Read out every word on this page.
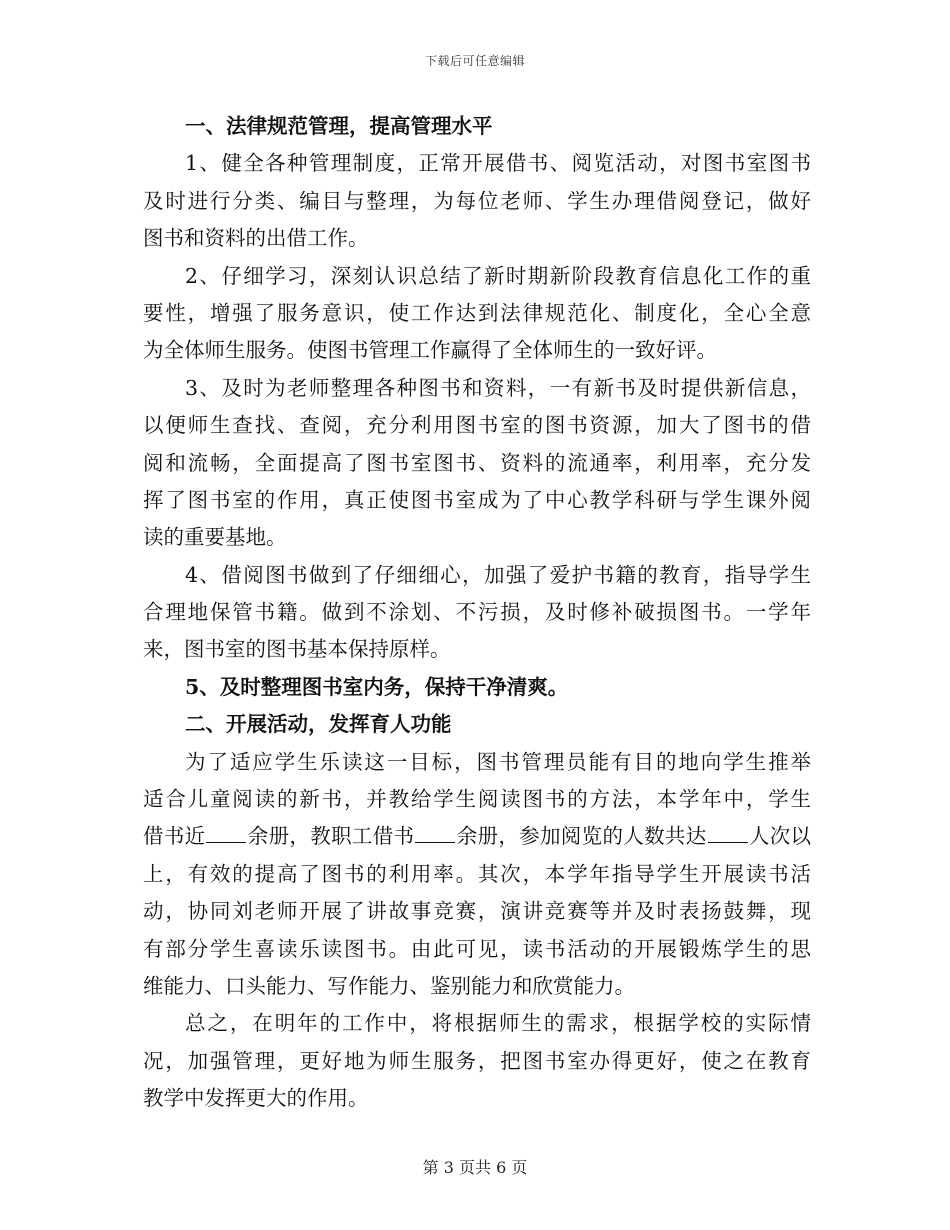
下载后可任意编辑
一、法律规范管理，提高管理水平
1、健全各种管理制度，正常开展借书、阅览活动，对图书室图书
及时进行分类、编目与整理，为每位老师、学生办理借阅登记，做好
图书和资料的出借工作。
2、仔细学习，深刻认识总结了新时期新阶段教育信息化工作的重
要性，增强了服务意识，使工作达到法律规范化、制度化，全心全意
为全体师生服务。使图书管理工作赢得了全体师生的一致好评。
3、及时为老师整理各种图书和资料，一有新书及时提供新信息，
以便师生查找、查阅，充分利用图书室的图书资源，加大了图书的借
阅和流畅，全面提高了图书室图书、资料的流通率，利用率，充分发
挥了图书室的作用，真正使图书室成为了中心教学科研与学生课外阅
读的重要基地。
4、借阅图书做到了仔细细心，加强了爱护书籍的教育，指导学生
合理地保管书籍。做到不涂划、不污损，及时修补破损图书。一学年
来，图书室的图书基本保持原样。
5、及时整理图书室内务，保持干净清爽。
二、开展活动，发挥育人功能
为了适应学生乐读这一目标，图书管理员能有目的地向学生推举
适合儿童阅读的新书，并教给学生阅读图书的方法，本学年中，学生
借书近 余册，教职工借书 余册，参加阅览的人数共达 人次以
上，有效的提高了图书的利用率。其次，本学年指导学生开展读书活
动，协同刘老师开展了讲故事竞赛，演讲竞赛等并及时表扬鼓舞，现
有部分学生喜读乐读图书。由此可见，读书活动的开展锻炼学生的思
维能力、口头能力、写作能力、鉴别能力和欣赏能力。
总之，在明年的工作中，将根据师生的需求，根据学校的实际情
况，加强管理，更好地为师生服务，把图书室办得更好，使之在教育
教学中发挥更大的作用。
第 3 页共 6 页
